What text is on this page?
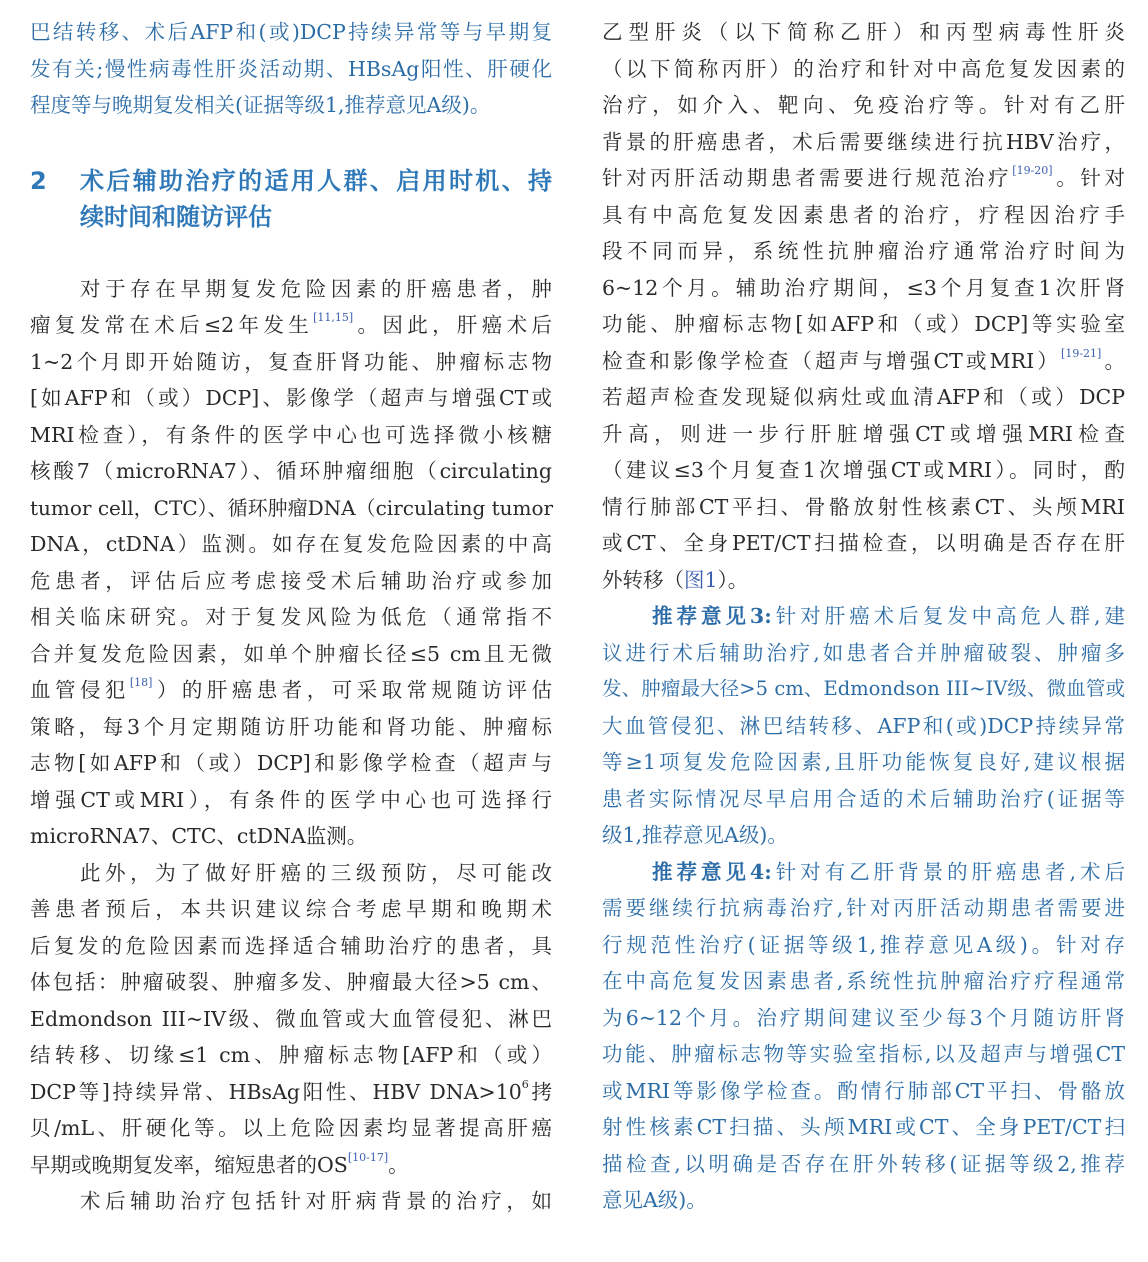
巴结转移、术后AFP和(或)DCP持续异常等与早期复
发有关;慢性病毒性肝炎活动期、HBsAg阳性、肝硬化
程度等与晚期复发相关(证据等级1,推荐意见A级)。
2 术后辅助治疗的适用人群、启用时机、持
续时间和随访评估
对于存在早期复发危险因素的肝癌患者，肿
瘤复发常在术后≤2年发生[11,15]。因此，肝癌术后
1~2个月即开始随访，复查肝肾功能、肿瘤标志物
[如AFP和（或）DCP]、影像学（超声与增强CT或
MRI检查），有条件的医学中心也可选择微小核糖
核酸7（microRNA7）、循环肿瘤细胞（circulating
tumor cell，CTC）、循环肿瘤DNA（circulating tumor
DNA，ctDNA）监测。如存在复发危险因素的中高
危患者，评估后应考虑接受术后辅助治疗或参加
相关临床研究。对于复发风险为低危（通常指不
合并复发危险因素，如单个肿瘤长径≤5 cm且无微
血管侵犯[18]）的肝癌患者，可采取常规随访评估
策略，每3个月定期随访肝功能和肾功能、肿瘤标
志物[如AFP和（或）DCP]和影像学检查（超声与
增强CT或MRI），有条件的医学中心也可选择行
microRNA7、CTC、ctDNA监测。
此外，为了做好肝癌的三级预防，尽可能改
善患者预后，本共识建议综合考虑早期和晚期术
后复发的危险因素而选择适合辅助治疗的患者，具
体包括：肿瘤破裂、肿瘤多发、肿瘤最大径>5 cm、
Edmondson III~IV级、微血管或大血管侵犯、淋巴
结转移、切缘≤1 cm、肿瘤标志物[AFP和（或）
DCP等]持续异常、HBsAg阳性、HBV $DNA>10^6$拷
贝/mL、肝硬化等。以上危险因素均显著提高肝癌
早期或晚期复发率，缩短患者的OS[10-17]。
术后辅助治疗包括针对肝病背景的治疗，如
乙型肝炎（以下简称乙肝）和丙型病毒性肝炎
（以下简称丙肝）的治疗和针对中高危复发因素的
治疗，如介入、靶向、免疫治疗等。针对有乙肝
背景的肝癌患者，术后需要继续进行抗HBV治疗，
针对丙肝活动期患者需要进行规范治疗[19-20]。针对
具有中高危复发因素患者的治疗，疗程因治疗手
段不同而异，系统性抗肿瘤治疗通常治疗时间为
6~12个月。辅助治疗期间，≤3个月复查1次肝肾
功能、肿瘤标志物[如AFP和（或）DCP]等实验室
检查和影像学检查（超声与增强CT或MRI）[19-21]。
若超声检查发现疑似病灶或血清AFP和（或）DCP
升高，则进一步行肝脏增强CT或增强MRI检查
（建议≤3个月复查1次增强CT或MRI）。同时，酌
情行肺部CT平扫、骨骼放射性核素CT、头颅MRI
或CT、全身PET/CT扫描检查，以明确是否存在肝
外转移（图1）。
推荐意见3:针对肝癌术后复发中高危人群,建
议进行术后辅助治疗,如患者合并肿瘤破裂、肿瘤多
发、肿瘤最大径>5 cm、Edmondson III~IV级、微血管或
大血管侵犯、淋巴结转移、AFP和(或)DCP持续异常
等≥1项复发危险因素,且肝功能恢复良好,建议根据
患者实际情况尽早启用合适的术后辅助治疗(证据等
级1,推荐意见A级)。
推荐意见4:针对有乙肝背景的肝癌患者,术后
需要继续行抗病毒治疗,针对丙肝活动期患者需要进
行规范性治疗(证据等级1,推荐意见A级)。针对存
在中高危复发因素患者,系统性抗肿瘤治疗疗程通常
为6~12个月。治疗期间建议至少每3个月随访肝肾
功能、肿瘤标志物等实验室指标,以及超声与增强CT
或MRI等影像学检查。酌情行肺部CT平扫、骨骼放
射性核素CT扫描、头颅MRI或CT、全身PET/CT扫
描检查,以明确是否存在肝外转移(证据等级2,推荐
意见A级)。
